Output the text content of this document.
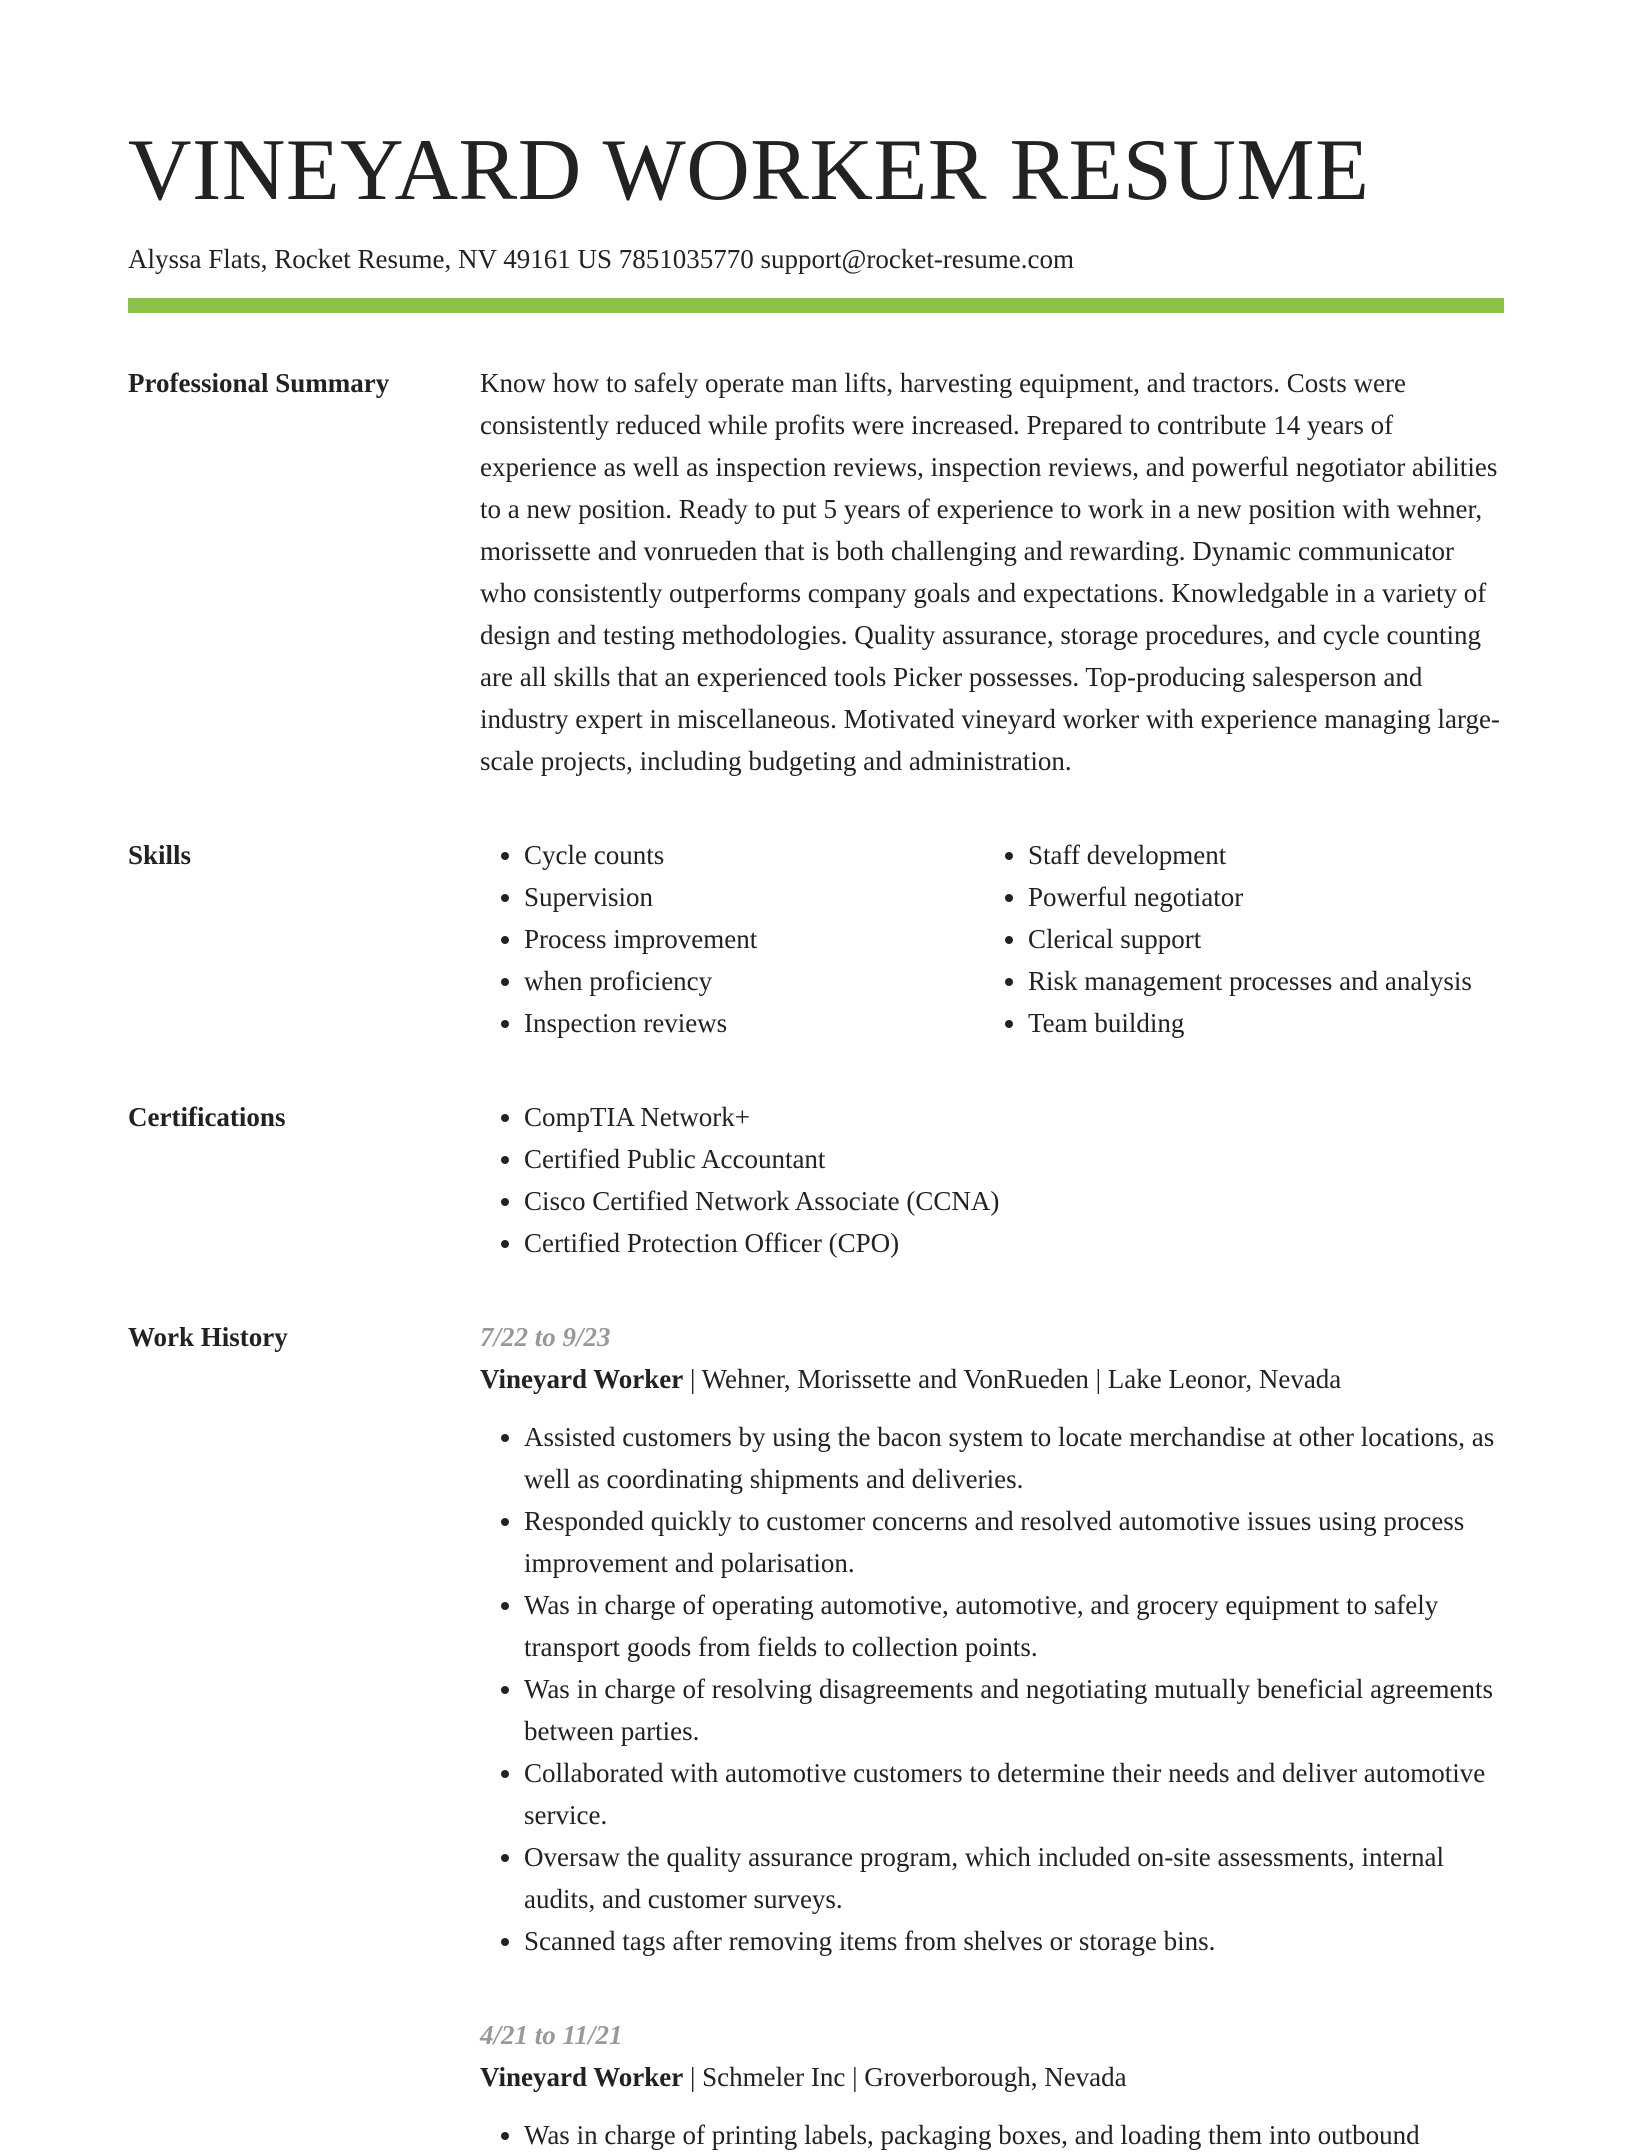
VINEYARD WORKER RESUME
Alyssa Flats, Rocket Resume, NV 49161 US 7851035770 support@rocket-resume.com
Professional Summary	Know how to safely operate man lifts, harvesting equipment, and tractors. Costs were consistently reduced while profits were increased. Prepared to contribute 14 years of experience as well as inspection reviews, inspection reviews, and powerful negotiator abilities to a new position. Ready to put 5 years of experience to work in a new position with wehner, morissette and vonrueden that is both challenging and rewarding. Dynamic communicator who consistently outperforms company goals and expectations. Knowledgable in a variety of design and testing methodologies. Quality assurance, storage procedures, and cycle counting are all skills that an experienced tools Picker possesses. Top-producing salesperson and industry expert in miscellaneous. Motivated vineyard worker with experience managing large-scale projects, including budgeting and administration.

Skills	• Cycle counts
• Supervision
• Process improvement
• when proficiency
• Inspection reviews
• Staff development
• Powerful negotiator
• Clerical support
• Risk management processes and analysis
• Team building
Certifications	• CompTIA Network+
• Certified Public Accountant
• Cisco Certified Network Associate (CCNA)
• Certified Protection Officer (CPO)
Work History	7/22 to 9/23
Vineyard Worker | Wehner, Morissette and VonRueden | Lake Leonor, Nevada
• Assisted customers by using the bacon system to locate merchandise at other locations, as well as coordinating shipments and deliveries.
• Responded quickly to customer concerns and resolved automotive issues using process improvement and polarisation.
• Was in charge of operating automotive, automotive, and grocery equipment to safely transport goods from fields to collection points.
• Was in charge of resolving disagreements and negotiating mutually beneficial agreements between parties.
• Collaborated with automotive customers to determine their needs and deliver automotive service.
• Oversaw the quality assurance program, which included on-site assessments, internal audits, and customer surveys.
• Scanned tags after removing items from shelves or storage bins.
4/21 to 11/21
Vineyard Worker | Schmeler Inc | Groverborough, Nevada
• Was in charge of printing labels, packaging boxes, and loading them into outbound
